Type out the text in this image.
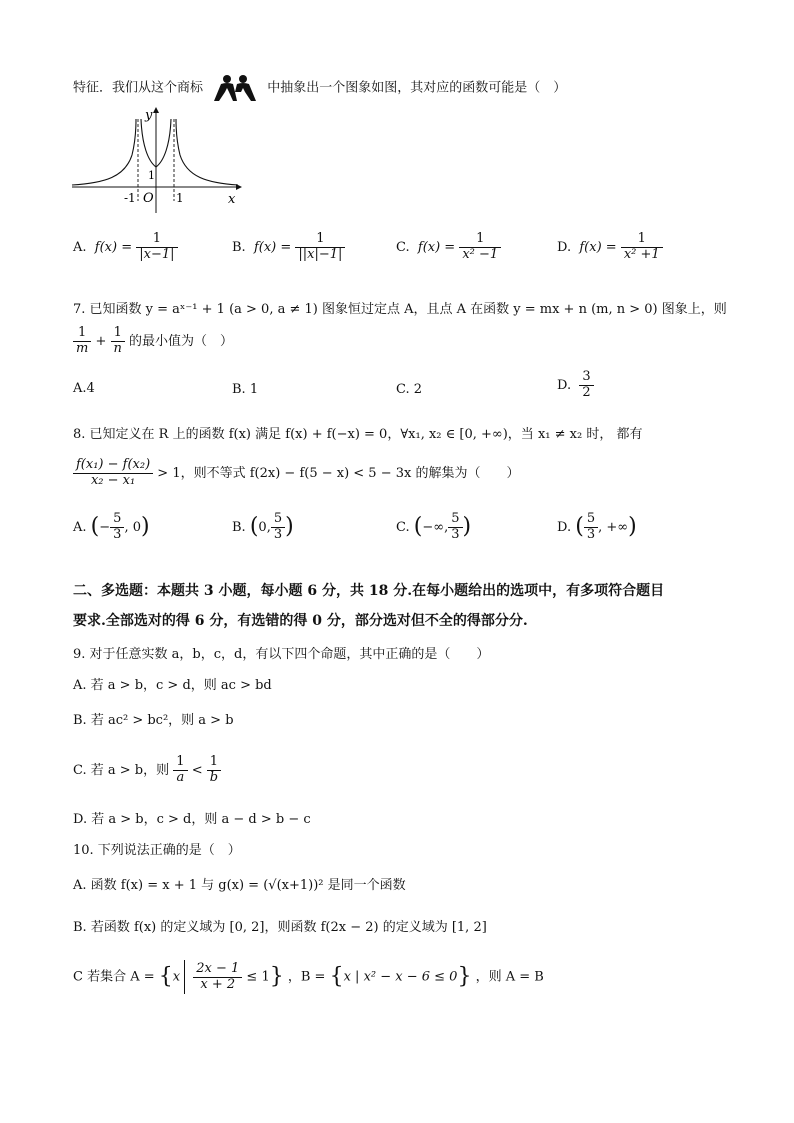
特征．我们从这个商标	中抽象出一个图象如图，其对应的函数可能是（　）
y
x
O
-1	1
1
A. $f(x) = \frac{1}{|x-1|}$	B. $f(x) = \frac{1}{||x|-1|}$	C. $f(x) = \frac{1}{\text{x² −1}}$	D. $f(x) = \frac{1}{\text{x² +1}}$
7. 已知函数 y = aˣ⁻¹ + 1 (a > 0, a ≠ 1) 图象恒过定点 A，且点 A 在函数 y = mx + n (m, n > 0) 图象上，则
$\frac{1}{m} + \frac{1}{n}$ 的最小值为（　）
A.4	B. 1	C. 2	D. $\frac{3}{2}$
8. 已知定义在 R 上的函数 f(x) 满足 f(x) + f(−x) = 0，∀x₁, x₂ ∈ [0, +∞)，当 x₁ ≠ x₂ 时， 都有
$\frac{\text{f(x₁) − f(x₂)}}{\text{x₂ − x₁}} > 1$，则不等式 f(2x) − f(5 − x) < 5 − 3x 的解集为（　　）
A. (− $\frac{5}{3}$ , 0)	B. (0, $\frac{5}{3}$ )	C. (−∞, $\frac{5}{3}$ )	D. ( $\frac{5}{3}$ , +∞)
二、多选题：本题共 3 小题，每小题 6 分，共 18 分.在每小题给出的选项中，有多项符合题目
要求.全部选对的得 6 分，有选错的得 0 分，部分选对但不全的得部分分.
9. 对于任意实数 a，b，c，d，有以下四个命题，其中正确的是（　　）
A. 若 a > b，c > d，则 ac > bd
B. 若 ac² > bc²，则 a > b
C. 若 a > b，则 $\frac{1}{a} < \frac{1}{b}$
D. 若 a > b，c > d，则 a − d > b − c
10. 下列说法正确的是（　）
A. 函数 f(x) = x + 1 与 g(x) = (√(x+1))² 是同一个函数
B. 若函数 f(x) 的定义域为 [0, 2]，则函数 f(2x − 2) 的定义域为 [1, 2]
C 若集合 $A = \{x \frac{2x - 1}{x + 2} \le 1\}$ ，B = {x | x² − x − 6 ≤ 0} ，则 A = B
